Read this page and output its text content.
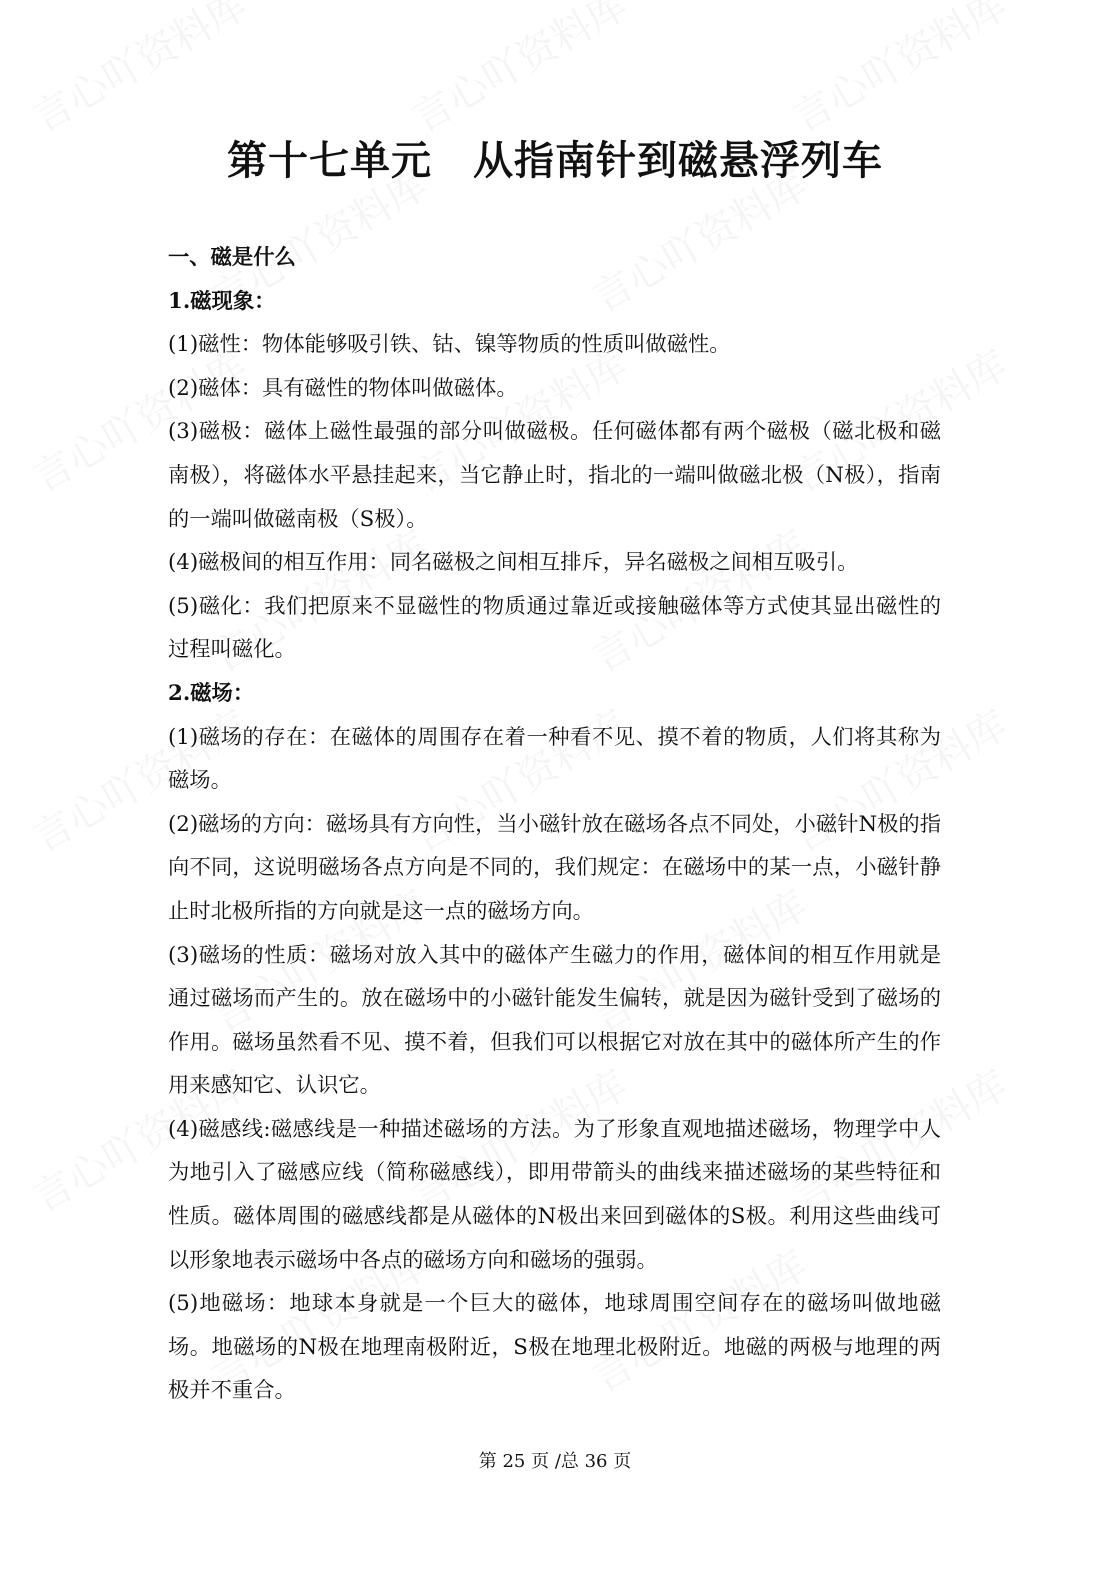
第十七单元　从指南针到磁悬浮列车

一、磁是什么

1.磁现象：

(1)磁性：物体能够吸引铁、钴、镍等物质的性质叫做磁性。

(2)磁体：具有磁性的物体叫做磁体。

(3)磁极：磁体上磁性最强的部分叫做磁极。任何磁体都有两个磁极（磁北极和磁南极），将磁体水平悬挂起来，当它静止时，指北的一端叫做磁北极（N极），指南的一端叫做磁南极（S极）。

(4)磁极间的相互作用：同名磁极之间相互排斥，异名磁极之间相互吸引。

(5)磁化：我们把原来不显磁性的物质通过靠近或接触磁体等方式使其显出磁性的过程叫磁化。

2.磁场：

(1)磁场的存在：在磁体的周围存在着一种看不见、摸不着的物质，人们将其称为磁场。

(2)磁场的方向：磁场具有方向性，当小磁针放在磁场各点不同处，小磁针N极的指向不同，这说明磁场各点方向是不同的，我们规定：在磁场中的某一点，小磁针静止时北极所指的方向就是这一点的磁场方向。

(3)磁场的性质：磁场对放入其中的磁体产生磁力的作用，磁体间的相互作用就是通过磁场而产生的。放在磁场中的小磁针能发生偏转，就是因为磁针受到了磁场的作用。磁场虽然看不见、摸不着，但我们可以根据它对放在其中的磁体所产生的作用来感知它、认识它。

(4)磁感线:磁感线是一种描述磁场的方法。为了形象直观地描述磁场，物理学中人为地引入了磁感应线（简称磁感线），即用带箭头的曲线来描述磁场的某些特征和性质。磁体周围的磁感线都是从磁体的N极出来回到磁体的S极。利用这些曲线可以形象地表示磁场中各点的磁场方向和磁场的强弱。

(5)地磁场：地球本身就是一个巨大的磁体，地球周围空间存在的磁场叫做地磁场。地磁场的N极在地理南极附近，S极在地理北极附近。地磁的两极与地理的两极并不重合。

第 25 页 /总 36 页
